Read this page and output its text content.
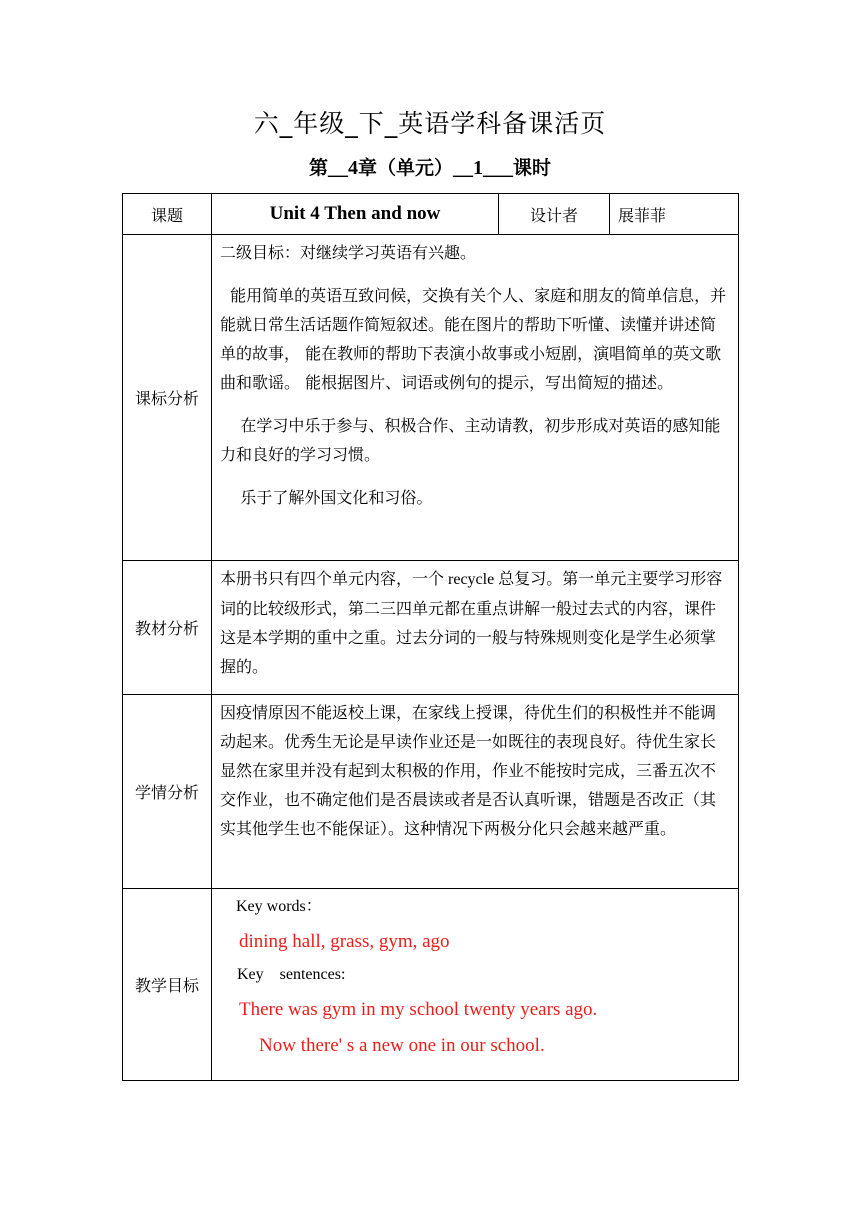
六_年级_下_英语学科备课活页
第__4章（单元）__1___课时
课题	Unit 4 Then and now	设计者	展菲菲
课标分析	二级目标：对继续学习英语有兴趣。

能用简单的英语互致问候，交换有关个人、家庭和朋友的简单信息，并能就日常生活话题作简短叙述。能在图片的帮助下听懂、读懂并讲述简单的故事， 能在教师的帮助下表演小故事或小短剧，演唱简单的英文歌曲和歌谣。 能根据图片、词语或例句的提示，写出简短的描述。

在学习中乐于参与、积极合作、主动请教，初步形成对英语的感知能力和良好的学习习惯。

乐于了解外国文化和习俗。		

教材分析	本册书只有四个单元内容，一个 recycle 总复习。第一单元主要学习形容词的比较级形式，第二三四单元都在重点讲解一般过去式的内容，课件这是本学期的重中之重。过去分词的一般与特殊规则变化是学生必须掌握的。		
学情分析	因疫情原因不能返校上课，在家线上授课，待优生们的积极性并不能调动起来。优秀生无论是早读作业还是一如既往的表现良好。待优生家长显然在家里并没有起到太积极的作用，作业不能按时完成，三番五次不交作业，也不确定他们是否晨读或者是否认真听课，错题是否改正（其实其他学生也不能保证）。这种情况下两极分化只会越来越严重。		
教学目标	Key words：
dining hall, grass, gym, ago
Key    sentences:
There was gym in my school twenty years ago.
Now there' s a new one in our school.		
